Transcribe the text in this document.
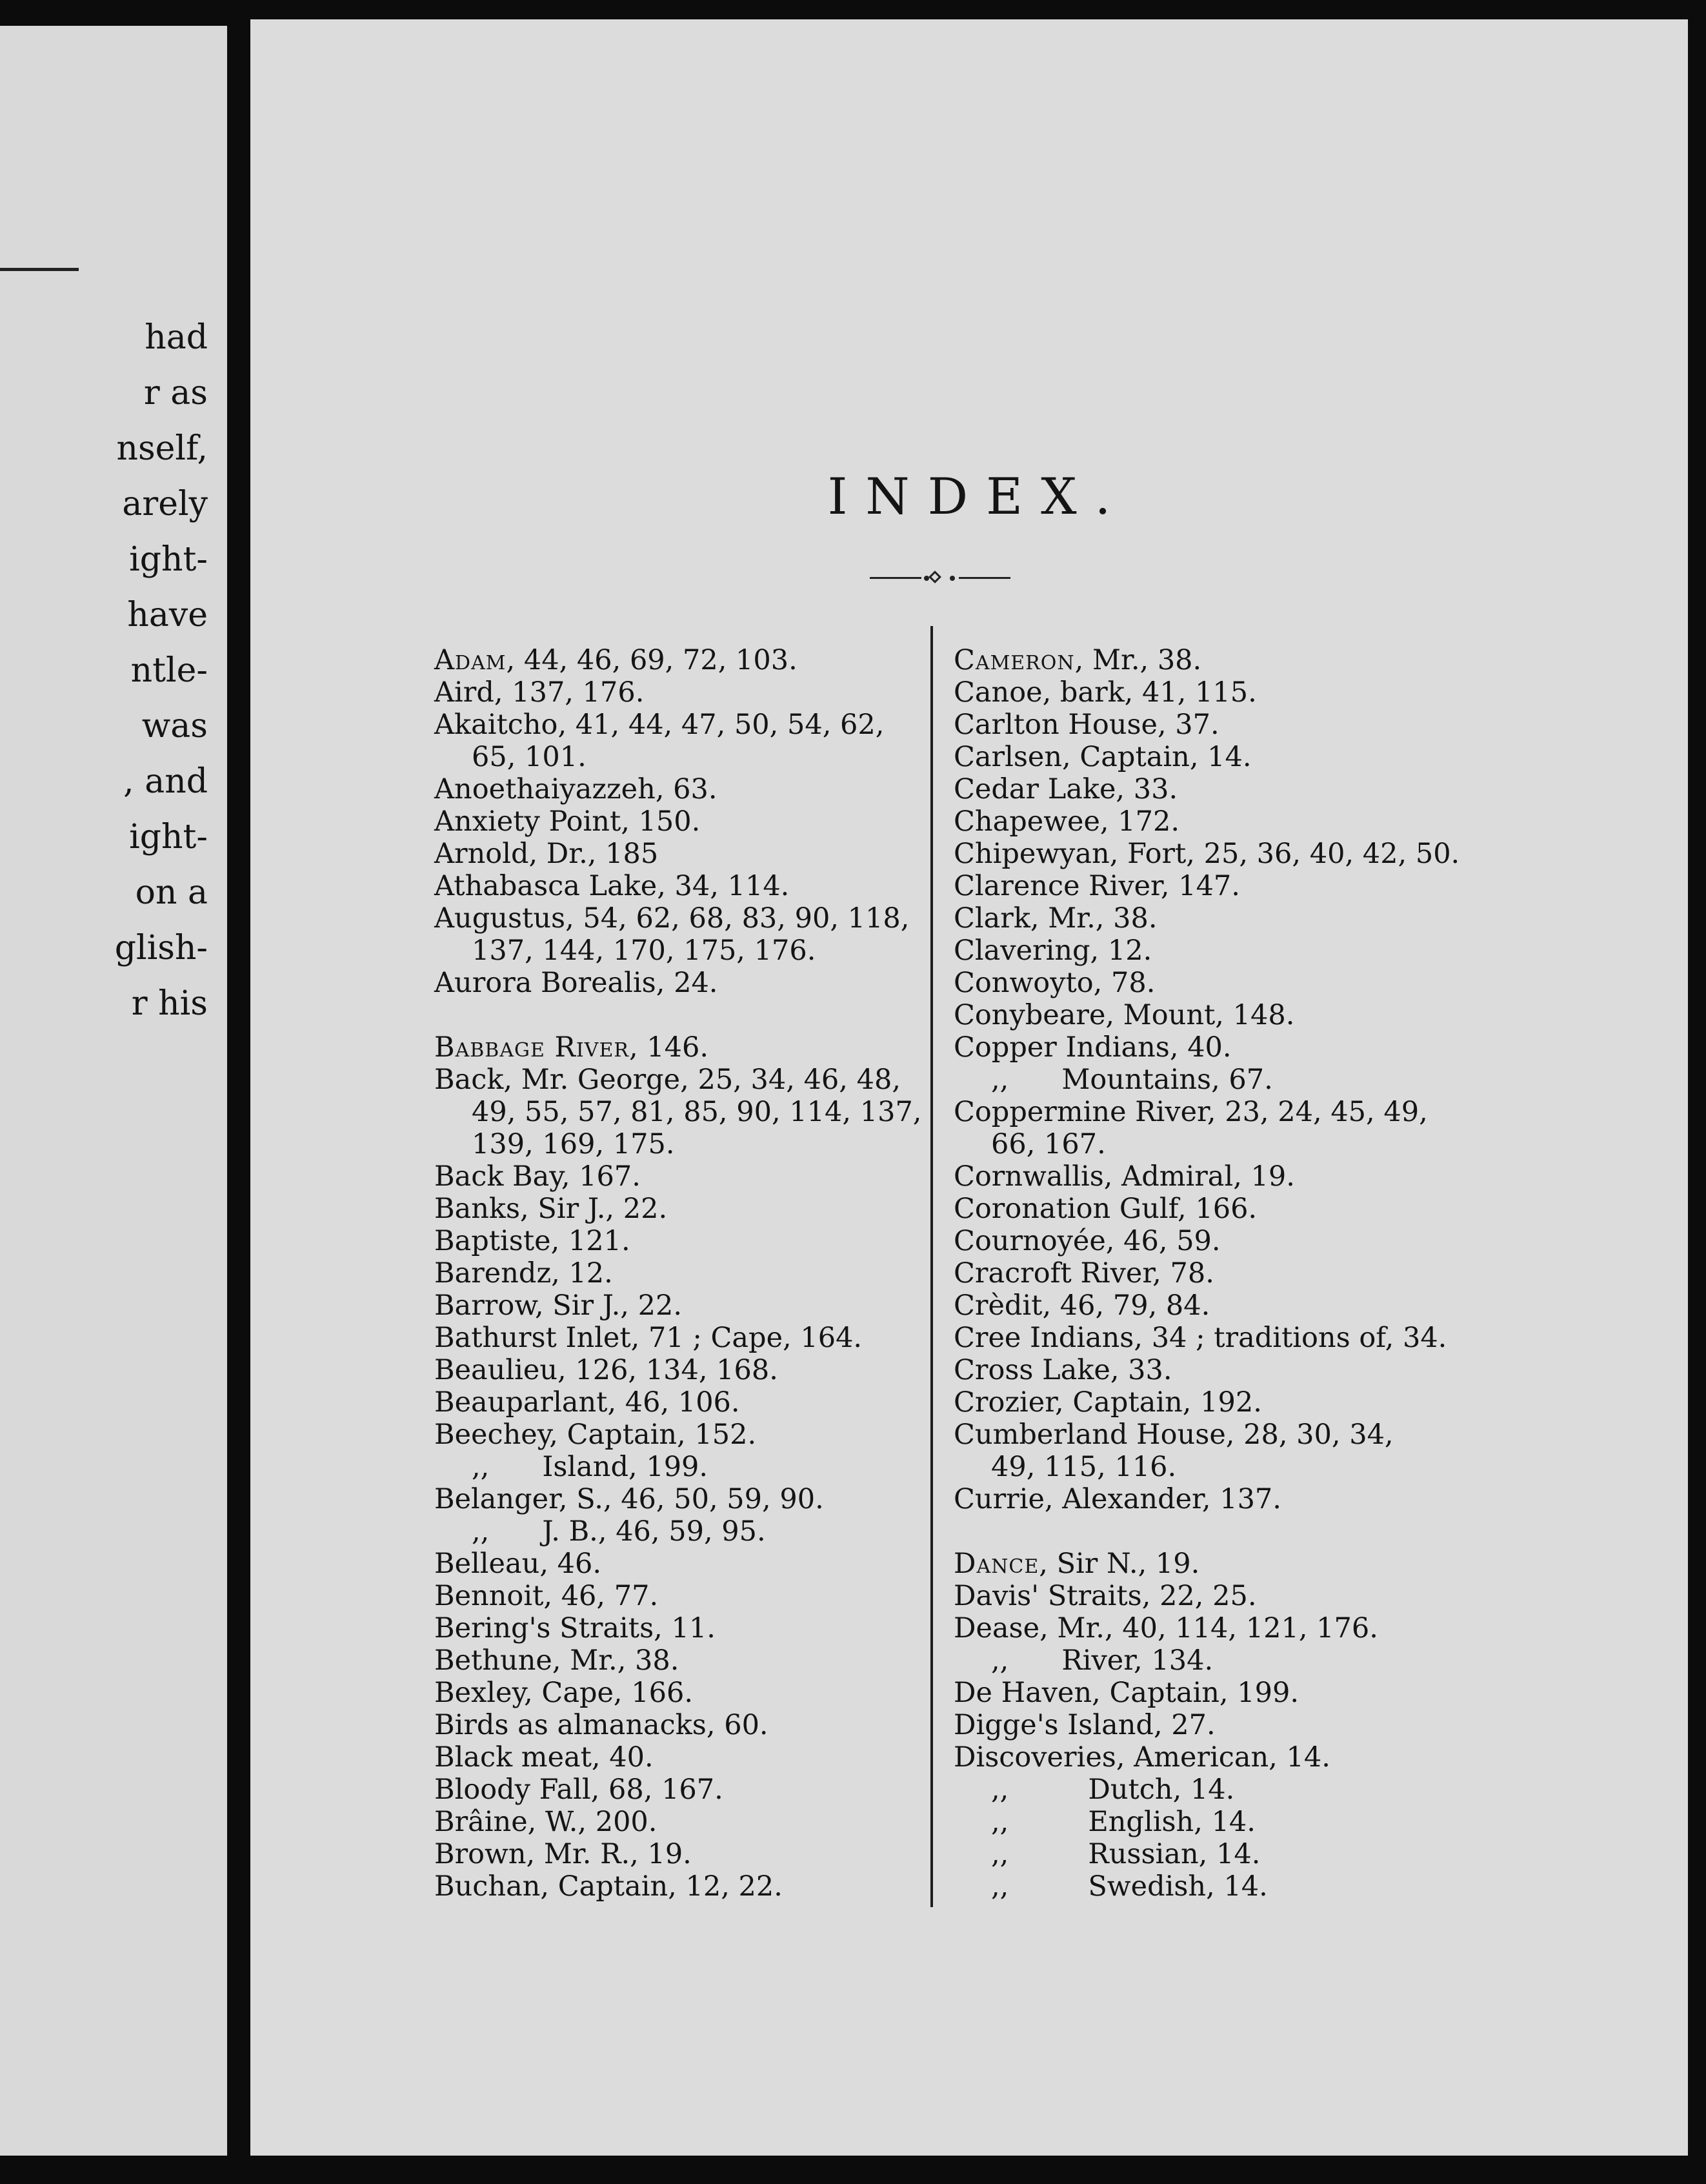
had
r as
nself,
arely
ight-
have
ntle-
was
, and
ight-
on a
glish-
r his
INDEX.
Adam, 44, 46, 69, 72, 103.
Aird, 137, 176.
Akaitcho, 41, 44, 47, 50, 54, 62,
65, 101.
Anoethaiyazzeh, 63.
Anxiety Point, 150.
Arnold, Dr., 185
Athabasca Lake, 34, 114.
Augustus, 54, 62, 68, 83, 90, 118,
137, 144, 170, 175, 176.
Aurora Borealis, 24.
Babbage River, 146.
Back, Mr. George, 25, 34, 46, 48,
49, 55, 57, 81, 85, 90, 114, 137,
139, 169, 175.
Back Bay, 167.
Banks, Sir J., 22.
Baptiste, 121.
Barendz, 12.
Barrow, Sir J., 22.
Bathurst Inlet, 71 ; Cape, 164.
Beaulieu, 126, 134, 168.
Beauparlant, 46, 106.
Beechey, Captain, 152.
,,      Island, 199.
Belanger, S., 46, 50, 59, 90.
,,      J. B., 46, 59, 95.
Belleau, 46.
Bennoit, 46, 77.
Bering's Straits, 11.
Bethune, Mr., 38.
Bexley, Cape, 166.
Birds as almanacks, 60.
Black meat, 40.
Bloody Fall, 68, 167.
Brâine, W., 200.
Brown, Mr. R., 19.
Buchan, Captain, 12, 22.
Cameron, Mr., 38.
Canoe, bark, 41, 115.
Carlton House, 37.
Carlsen, Captain, 14.
Cedar Lake, 33.
Chapewee, 172.
Chipewyan, Fort, 25, 36, 40, 42, 50.
Clarence River, 147.
Clark, Mr., 38.
Clavering, 12.
Conwoyto, 78.
Conybeare, Mount, 148.
Copper Indians, 40.
,,      Mountains, 67.
Coppermine River, 23, 24, 45, 49,
66, 167.
Cornwallis, Admiral, 19.
Coronation Gulf, 166.
Cournoyée, 46, 59.
Cracroft River, 78.
Crèdit, 46, 79, 84.
Cree Indians, 34 ; traditions of, 34.
Cross Lake, 33.
Crozier, Captain, 192.
Cumberland House, 28, 30, 34,
49, 115, 116.
Currie, Alexander, 137.
Dance, Sir N., 19.
Davis' Straits, 22, 25.
Dease, Mr., 40, 114, 121, 176.
,,      River, 134.
De Haven, Captain, 199.
Digge's Island, 27.
Discoveries, American, 14.
,,         Dutch, 14.
,,         English, 14.
,,         Russian, 14.
,,         Swedish, 14.
